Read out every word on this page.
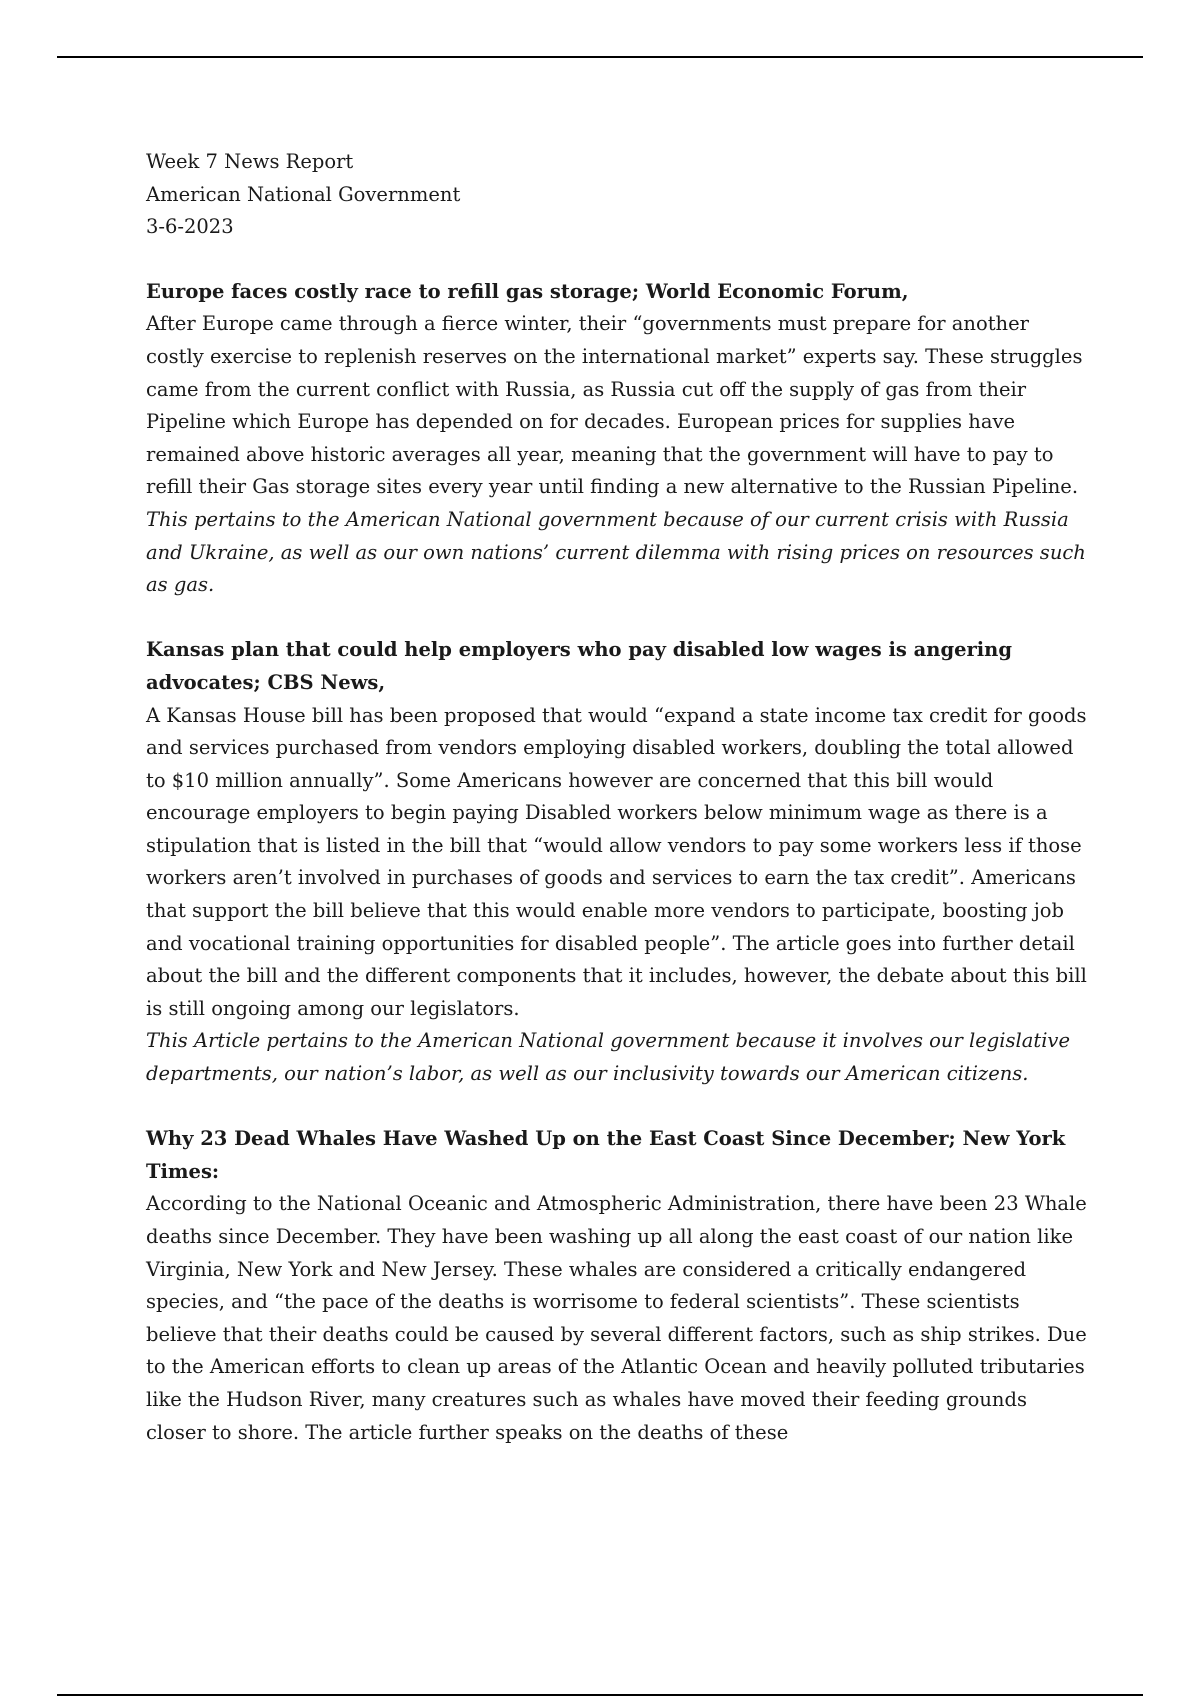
Week 7 News Report
American National Government
3-6-2023
Europe faces costly race to refill gas storage; World Economic Forum,
After Europe came through a fierce winter, their “governments must prepare for another costly exercise to replenish reserves on the international market” experts say. These struggles came from the current conflict with Russia, as Russia cut off the supply of gas from their Pipeline which Europe has depended on for decades. European prices for supplies have remained above historic averages all year, meaning that the government will have to pay to refill their Gas storage sites every year until finding a new alternative to the Russian Pipeline. This pertains to the American National government because of our current crisis with Russia and Ukraine, as well as our own nations’ current dilemma with rising prices on resources such as gas.
Kansas plan that could help employers who pay disabled low wages is angering advocates; CBS News,
A Kansas House bill has been proposed that would “expand a state income tax credit for goods and services purchased from vendors employing disabled workers, doubling the total allowed to $10 million annually”. Some Americans however are concerned that this bill would encourage employers to begin paying Disabled workers below minimum wage as there is a stipulation that is listed in the bill that “would allow vendors to pay some workers less if those workers aren’t involved in purchases of goods and services to earn the tax credit”. Americans that support the bill believe that this would enable more vendors to participate, boosting job and vocational training opportunities for disabled people”. The article goes into further detail about the bill and the different components that it includes, however, the debate about this bill is still ongoing among our legislators.
This Article pertains to the American National government because it involves our legislative departments, our nation’s labor, as well as our inclusivity towards our American citizens.
Why 23 Dead Whales Have Washed Up on the East Coast Since December; New York Times:
According to the National Oceanic and Atmospheric Administration, there have been 23 Whale deaths since December. They have been washing up all along the east coast of our nation like Virginia, New York and New Jersey. These whales are considered a critically endangered species, and “the pace of the deaths is worrisome to federal scientists”. These scientists believe that their deaths could be caused by several different factors, such as ship strikes. Due to the American efforts to clean up areas of the Atlantic Ocean and heavily polluted tributaries like the Hudson River, many creatures such as whales have moved their feeding grounds closer to shore. The article further speaks on the deaths of these
